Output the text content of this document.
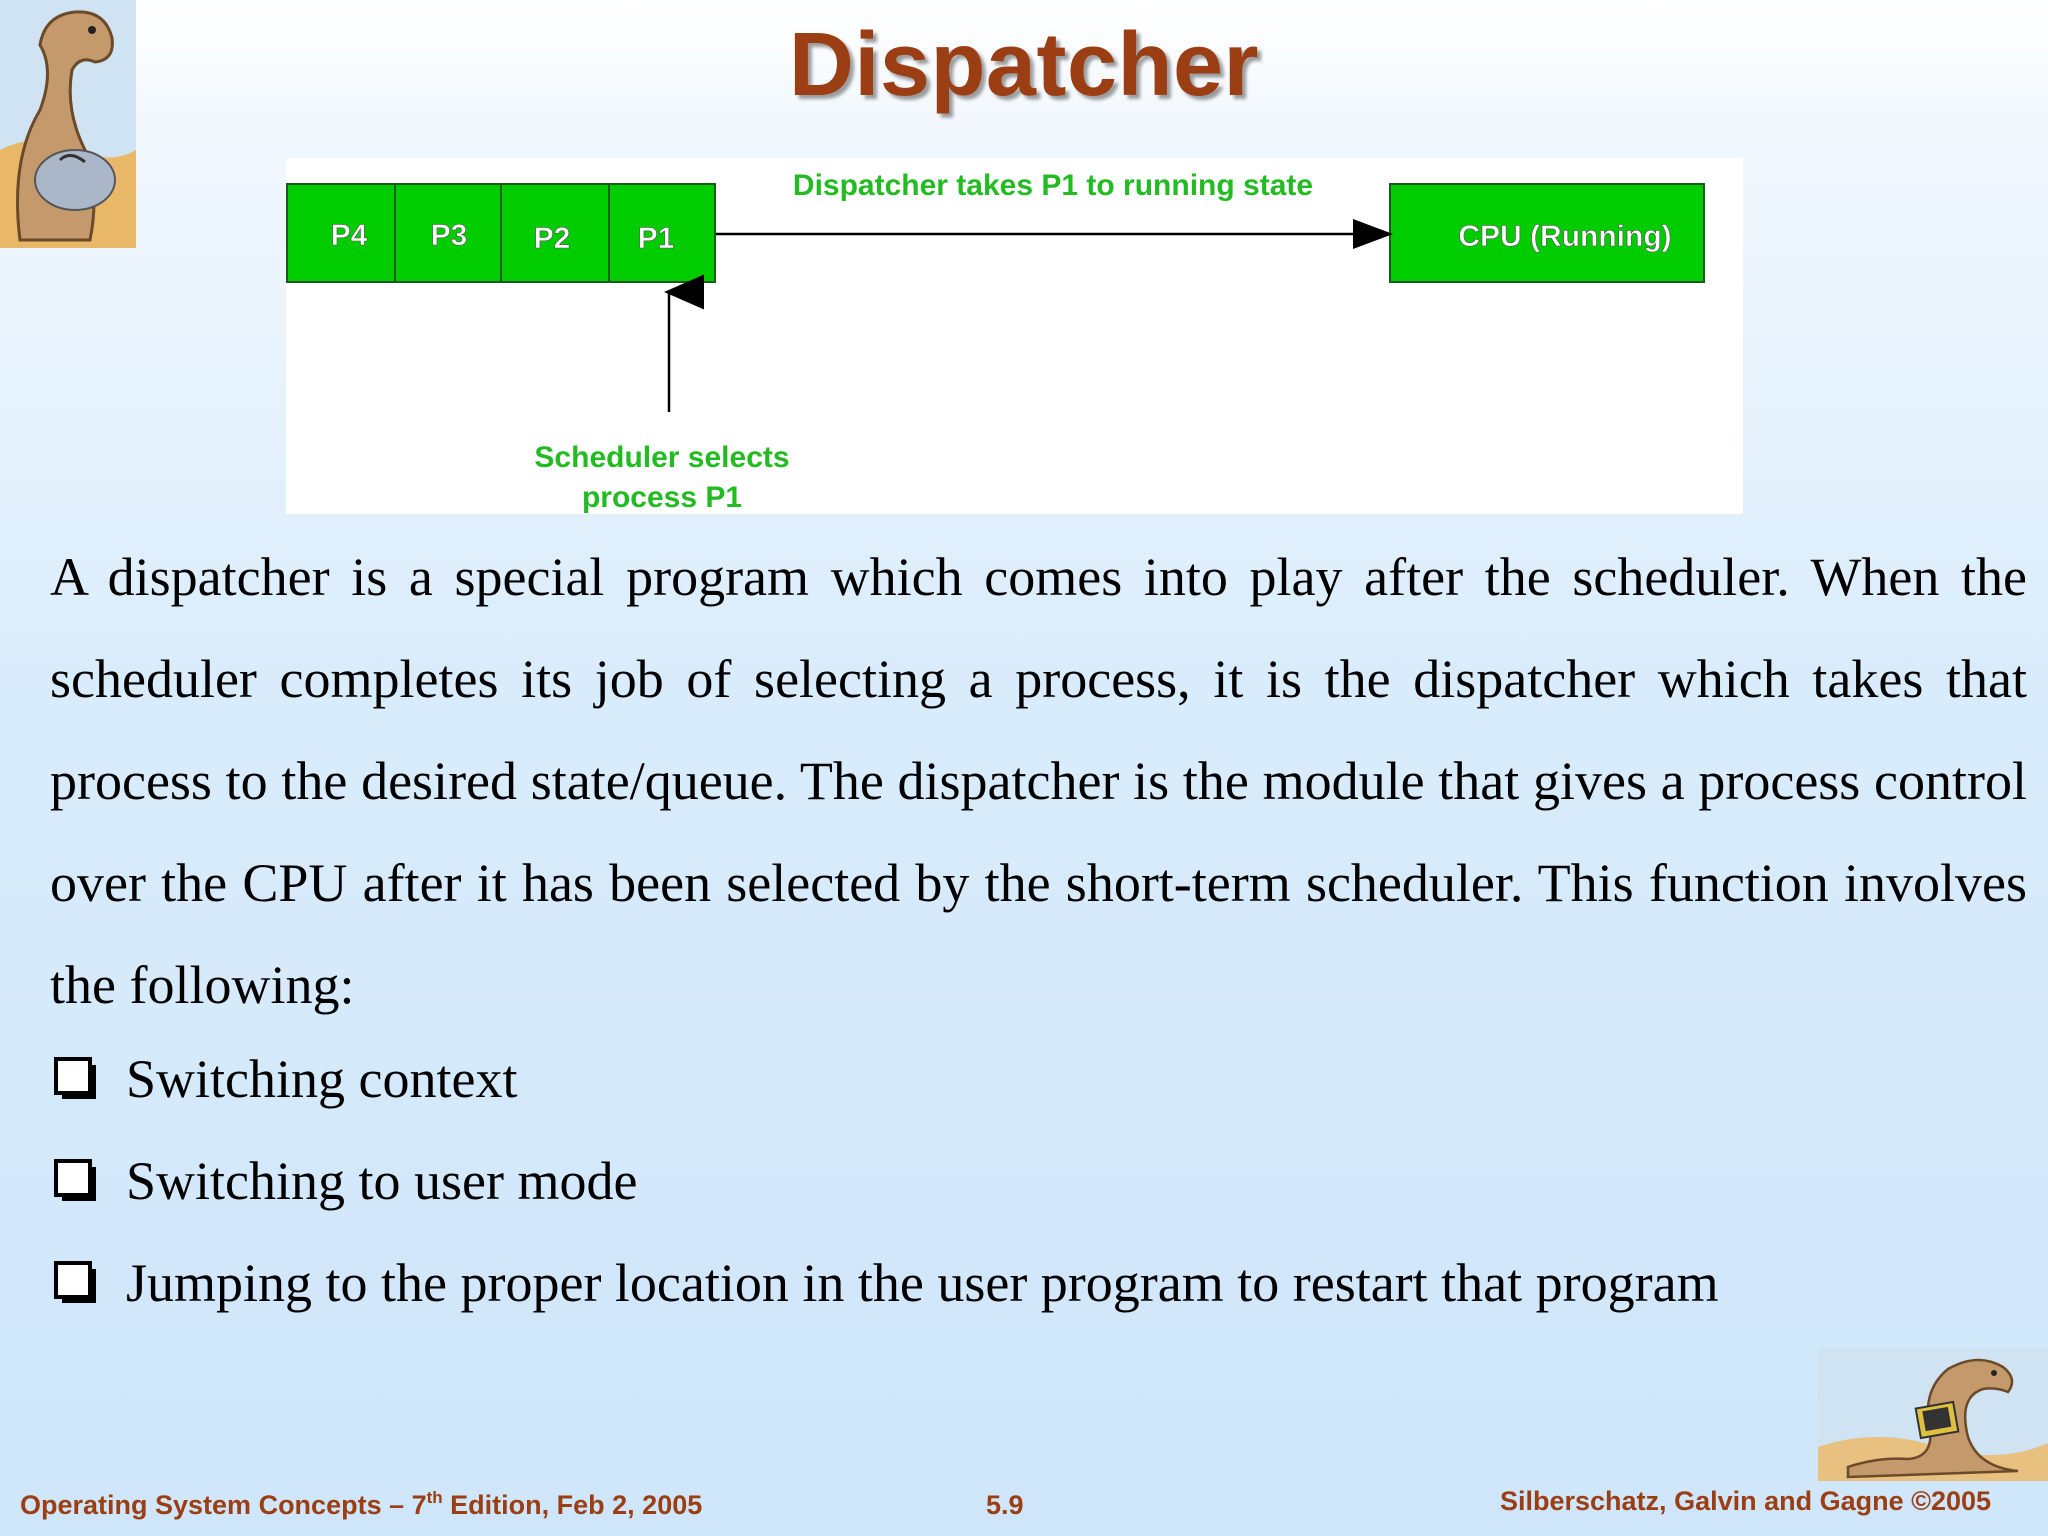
Dispatcher
P4 P3 P2 P1	CPU (Running)
Dispatcher takes P1 to running state
Scheduler selects
process P1
A dispatcher is a special program which comes into play after the scheduler. When the scheduler completes its job of selecting a process, it is the dispatcher which takes that process to the desired state/queue. The dispatcher is the module that gives a process control over the CPU after it has been selected by the short-term scheduler. This function involves the following:
Switching context
Switching to user mode
Jumping to the proper location in the user program to restart that program
Operating System Concepts – 7th Edition, Feb 2, 2005	5.9	Silberschatz, Galvin and Gagne ©2005
